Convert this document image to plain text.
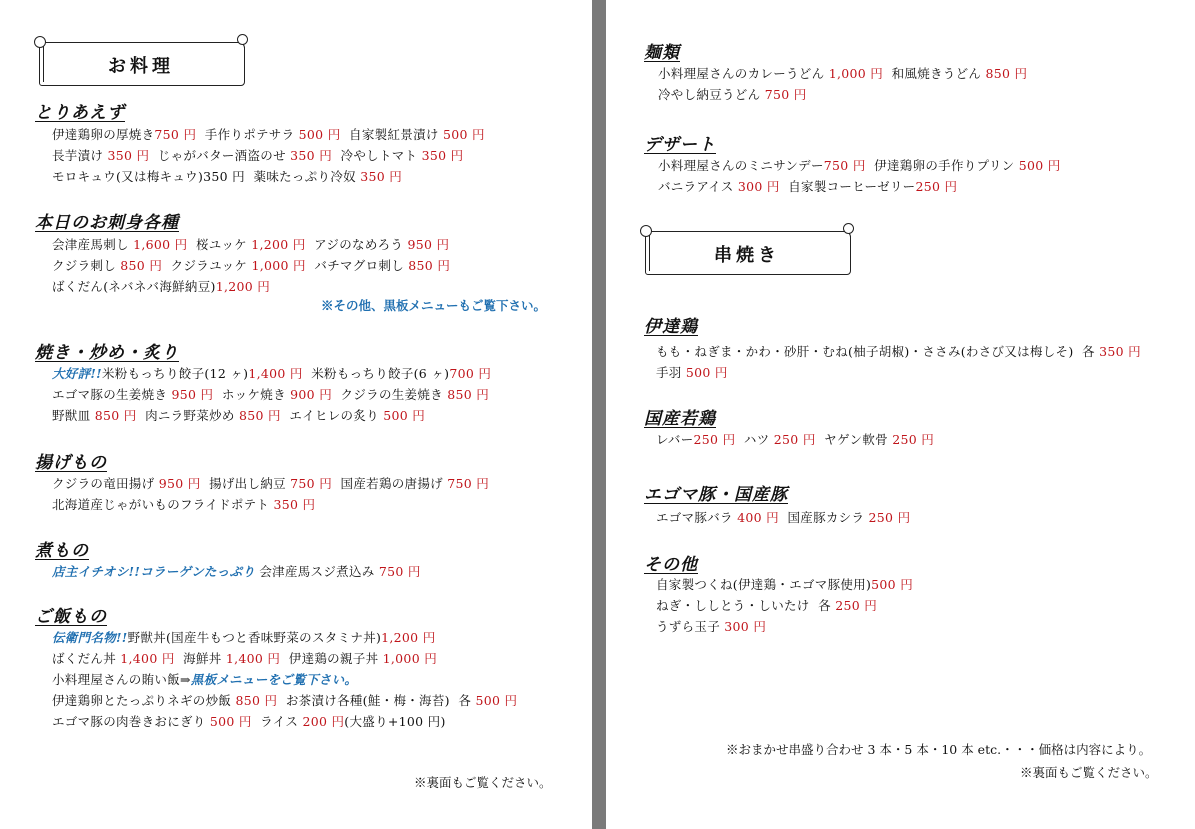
お料理
とりあえず
伊達鶏卵の厚焼き750 円  手作りポテサラ 500 円  自家製紅景漬け 500 円
長芋漬け 350 円  じゃがバター酒盗のせ 350 円  冷やしトマト 350 円
モロキュウ(又は梅キュウ)350 円  薬味たっぷり冷奴 350 円
本日のお刺身各種
会津産馬刺し 1,600 円  桜ユッケ 1,200 円  アジのなめろう 950 円
クジラ刺し 850 円  クジラユッケ 1,000 円  バチマグロ刺し 850 円
ばくだん(ネバネバ海鮮納豆)1,200 円
※その他、黒板メニューもご覧下さい。
焼き・炒め・炙り
大好評!!米粉もっちり餃子(12 ヶ)1,400 円  米粉もっちり餃子(6 ヶ)700 円
エゴマ豚の生姜焼き 950 円  ホッケ焼き 900 円  クジラの生姜焼き 850 円
野獣皿 850 円  肉ニラ野菜炒め 850 円  エイヒレの炙り 500 円
揚げもの
クジラの竜田揚げ 950 円  揚げ出し納豆 750 円  国産若鶏の唐揚げ 750 円
北海道産じゃがいものフライドポテト 350 円
煮もの
店主イチオシ!!コラーゲンたっぷり 会津産馬スジ煮込み 750 円
ご飯もの
伝衛門名物!!野獣丼(国産牛もつと香味野菜のスタミナ丼)1,200 円
ばくだん丼 1,400 円  海鮮丼 1,400 円  伊達鶏の親子丼 1,000 円
小料理屋さんの賄い飯⇒黒板メニューをご覧下さい。
伊達鶏卵とたっぷりネギの炒飯 850 円  お茶漬け各種(鮭・梅・海苔)  各 500 円
エゴマ豚の肉巻きおにぎり 500 円  ライス 200 円(大盛り+100 円)
麺類
小料理屋さんのカレーうどん 1,000 円  和風焼きうどん 850 円
冷やし納豆うどん 750 円
デザート
小料理屋さんのミニサンデー750 円  伊達鶏卵の手作りプリン 500 円
バニラアイス 300 円  自家製コーヒーゼリー250 円
串焼き
伊達鶏
もも・ねぎま・かわ・砂肝・むね(柚子胡椒)・ささみ(わさび又は梅しそ)  各 350 円
手羽 500 円
国産若鶏
レバー250 円  ハツ 250 円  ヤゲン軟骨 250 円
エゴマ豚・国産豚
エゴマ豚バラ 400 円  国産豚カシラ 250 円
その他
自家製つくね(伊達鶏・エゴマ豚使用)500 円
ねぎ・ししとう・しいたけ  各 250 円
うずら玉子 300 円
※おまかせ串盛り合わせ 3 本・5 本・10 本 etc.・・・価格は内容により。
※裏面もご覧ください。
※裏面もご覧ください。
